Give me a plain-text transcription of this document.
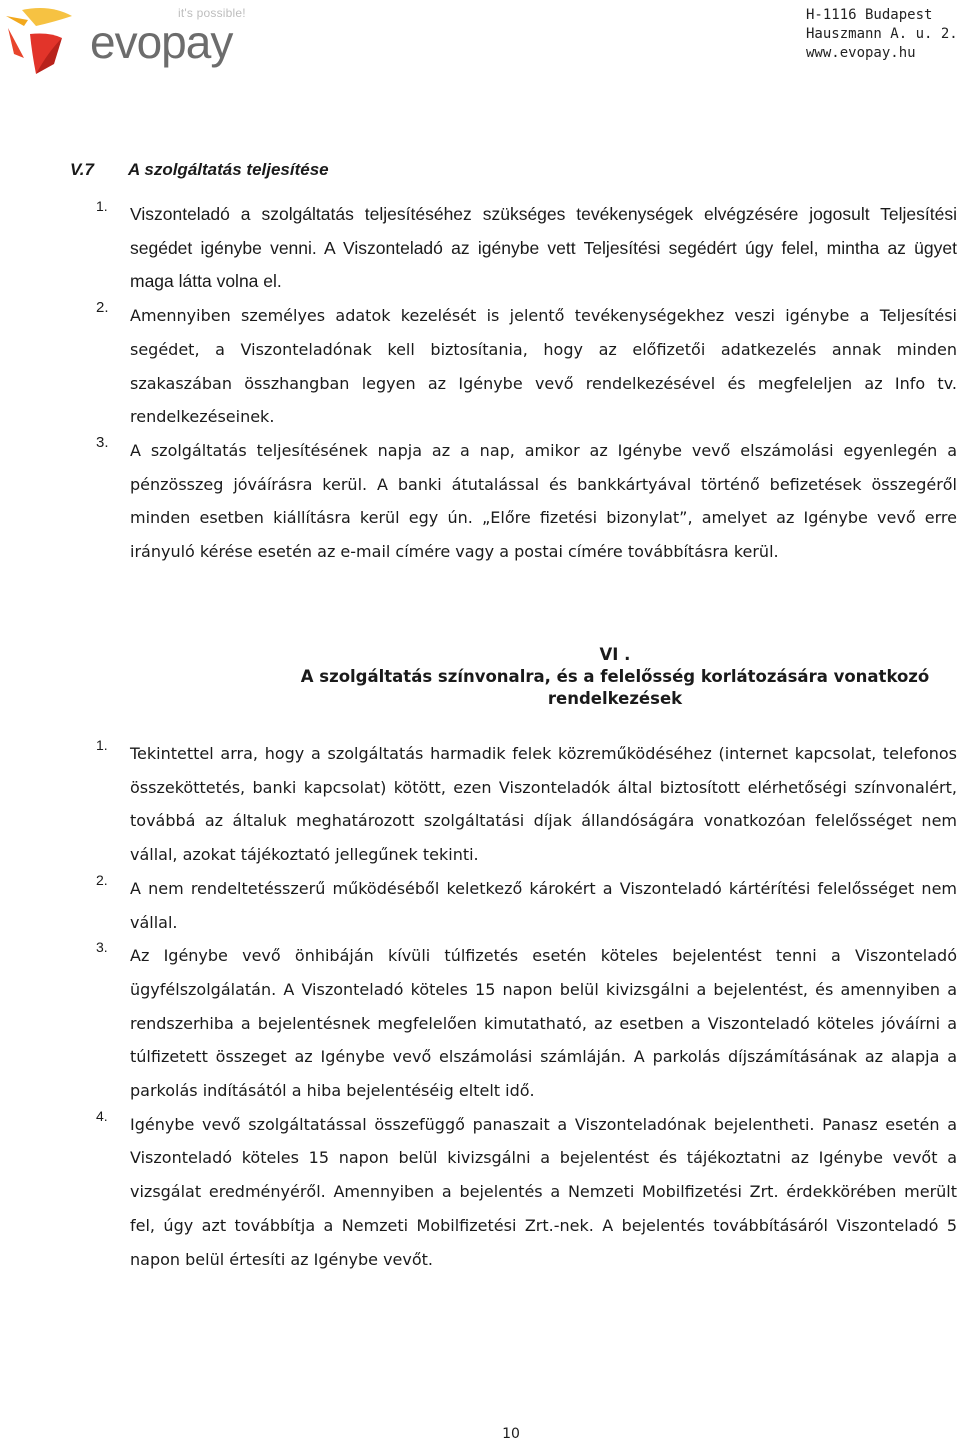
it's possible!
evopay
H-1116 Budapest
Hauszmann A. u. 2.
www.evopay.hu
V.7 A szolgáltatás teljesítése
1. Viszonteladó a szolgáltatás teljesítéséhez szükséges tevékenységek elvégzésére jogosult Teljesítési segédet igénybe venni. A Viszonteladó az igénybe vett Teljesítési segédért úgy felel, mintha az ügyet maga látta volna el.
2. Amennyiben személyes adatok kezelését is jelentő tevékenységekhez veszi igénybe a Teljesítési segédet, a Viszonteladónak kell biztosítania, hogy az előfizetői adatkezelés annak minden szakaszában összhangban legyen az Igénybe vevő rendelkezésével és megfeleljen az Info tv. rendelkezéseinek.
3. A szolgáltatás teljesítésének napja az a nap, amikor az Igénybe vevő elszámolási egyenlegén a pénzösszeg jóváírásra kerül. A banki átutalással és bankkártyával történő befizetések összegéről minden esetben kiállításra kerül egy ún. „Előre fizetési bizonylat”, amelyet az Igénybe vevő erre irányuló kérése esetén az e-mail címére vagy a postai címére továbbításra kerül.
VI .
A szolgáltatás színvonalra, és a felelősség korlátozására vonatkozó
rendelkezések
1. Tekintettel arra, hogy a szolgáltatás harmadik felek közreműködéséhez (internet kapcsolat, telefonos összeköttetés, banki kapcsolat) kötött, ezen Viszonteladók által biztosított elérhetőségi színvonalért, továbbá az általuk meghatározott szolgáltatási díjak állandóságára vonatkozóan felelősséget nem vállal, azokat tájékoztató jellegűnek tekinti.
2. A nem rendeltetésszerű működéséből keletkező károkért a Viszonteladó kártérítési felelősséget nem vállal.
3. Az Igénybe vevő önhibáján kívüli túlfizetés esetén köteles bejelentést tenni a Viszonteladó ügyfélszolgálatán. A Viszonteladó köteles 15 napon belül kivizsgálni a bejelentést, és amennyiben a rendszerhiba a bejelentésnek megfelelően kimutatható, az esetben a Viszonteladó köteles jóváírni a túlfizetett összeget az Igénybe vevő elszámolási számláján. A parkolás díjszámításának az alapja a parkolás indításától a hiba bejelentéséig eltelt idő.
4. Igénybe vevő szolgáltatással összefüggő panaszait a Viszonteladónak bejelentheti. Panasz esetén a Viszonteladó köteles 15 napon belül kivizsgálni a bejelentést és tájékoztatni az Igénybe vevőt a vizsgálat eredményéről. Amennyiben a bejelentés a Nemzeti Mobilfizetési Zrt. érdekkörében merült fel, úgy azt továbbítja a Nemzeti Mobilfizetési Zrt.-nek. A bejelentés továbbításáról Viszonteladó 5 napon belül értesíti az Igénybe vevőt.
10
